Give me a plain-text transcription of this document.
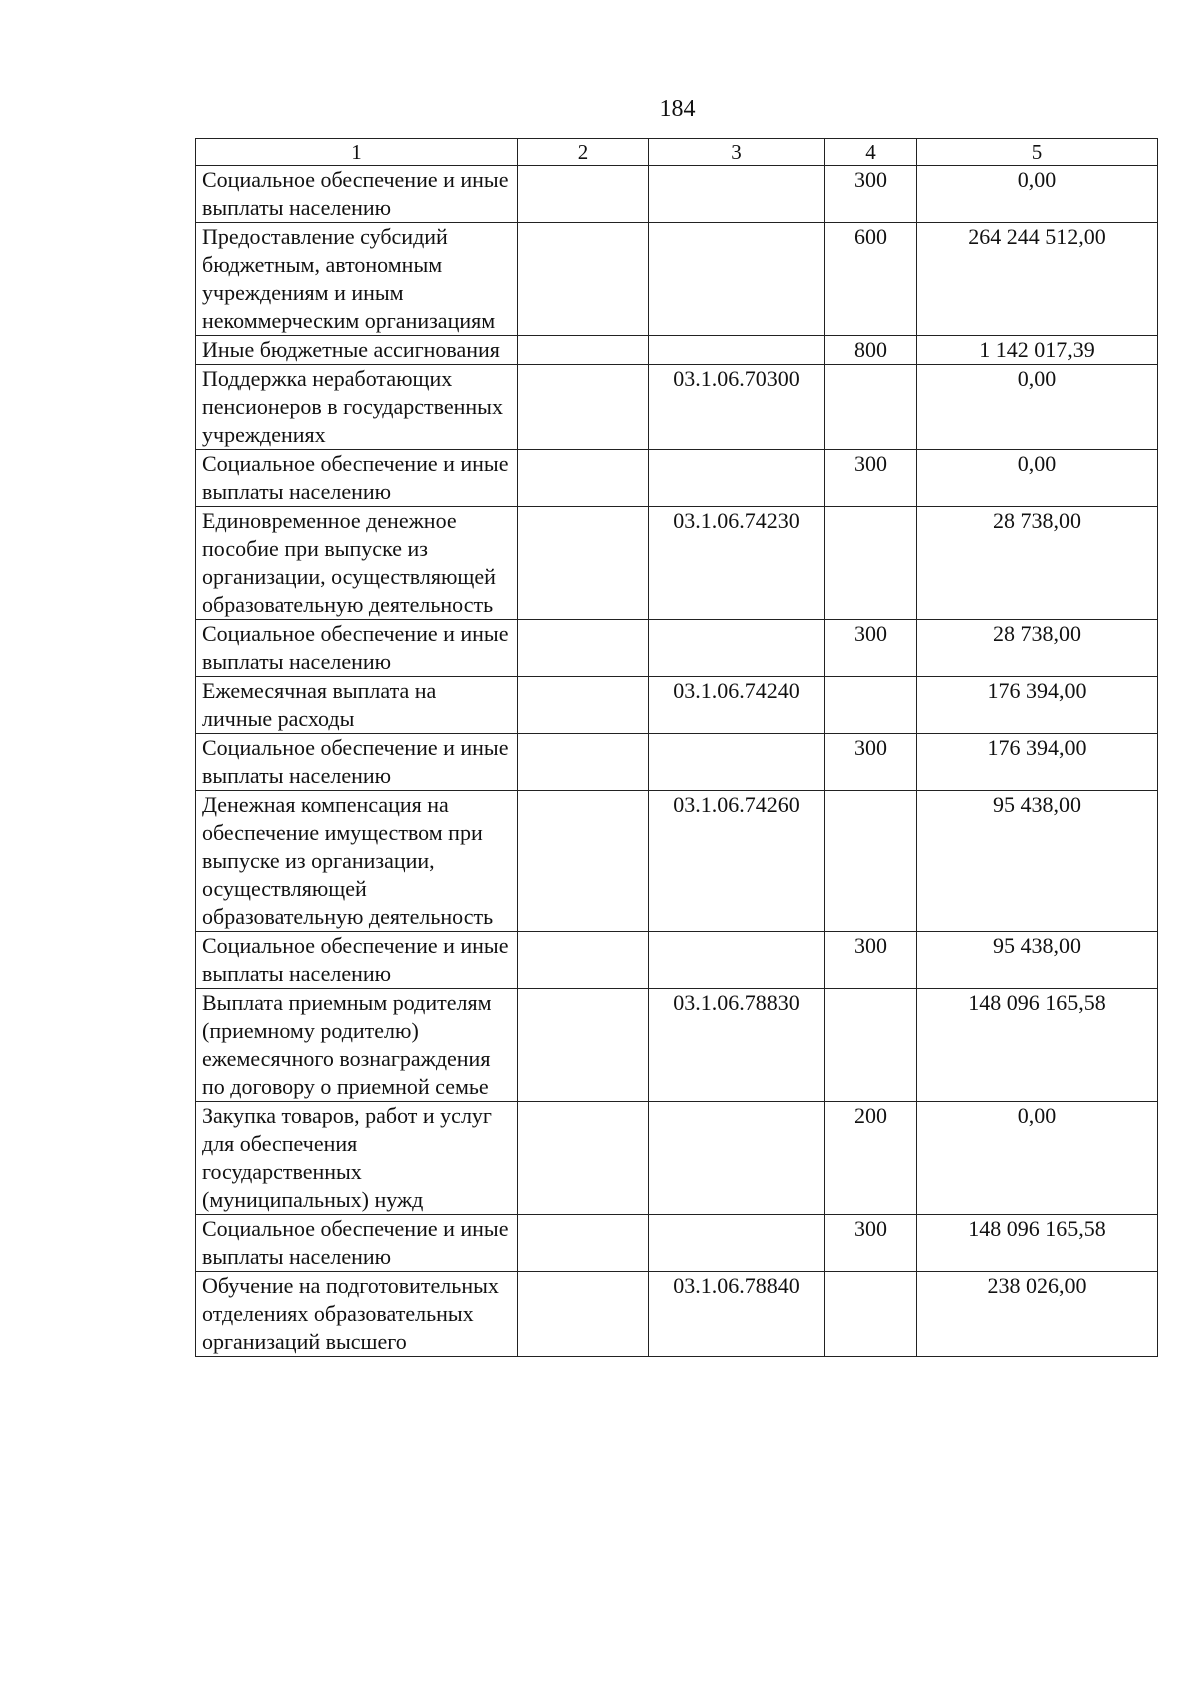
184
1	2	3	4	5
Социальное обеспечение и иные выплаты населению			300	0,00
Предоставление субсидий бюджетным, автономным учреждениям и иным некоммерческим организациям			600	264 244 512,00
Иные бюджетные ассигнования			800	1 142 017,39
Поддержка неработающих пенсионеров в государственных учреждениях		03.1.06.70300		0,00
Социальное обеспечение и иные выплаты населению			300	0,00
Единовременное денежное пособие при выпуске из организации, осуществляющей образовательную деятельность		03.1.06.74230		28 738,00
Социальное обеспечение и иные выплаты населению			300	28 738,00
Ежемесячная выплата на личные расходы		03.1.06.74240		176 394,00
Социальное обеспечение и иные выплаты населению			300	176 394,00
Денежная компенсация на обеспечение имуществом при выпуске из организации, осуществляющей образовательную деятельность		03.1.06.74260		95 438,00
Социальное обеспечение и иные выплаты населению			300	95 438,00
Выплата приемным родителям (приемному родителю) ежемесячного вознаграждения по договору о приемной семье		03.1.06.78830		148 096 165,58
Закупка товаров, работ и услуг для обеспечения государственных (муниципальных) нужд			200	0,00
Социальное обеспечение и иные выплаты населению			300	148 096 165,58
Обучение на подготовительных отделениях образовательных организаций высшего		03.1.06.78840		238 026,00
